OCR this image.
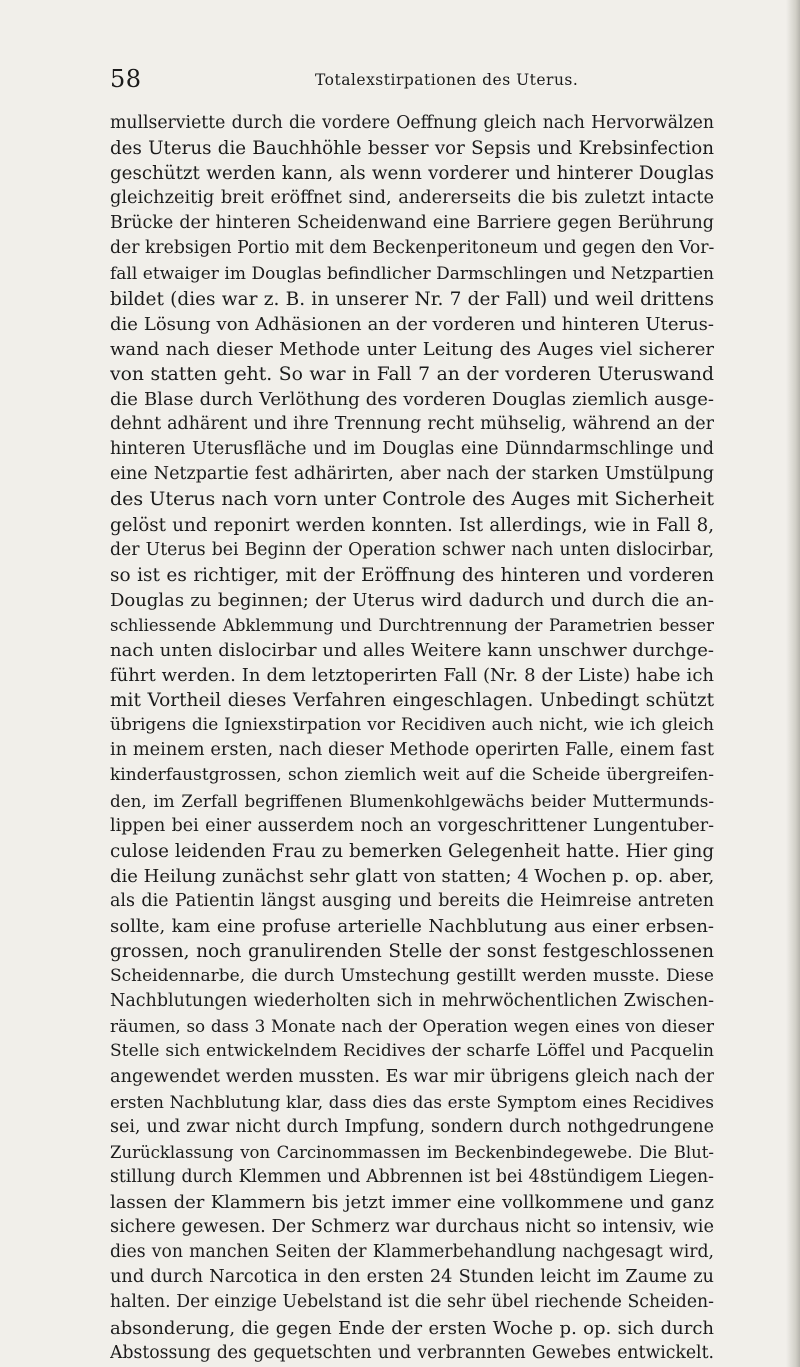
58	Totalexstirpationen des Uterus.
mullserviette durch die vordere Oeffnung gleich nach Hervorwälzen
des Uterus die Bauchhöhle besser vor Sepsis und Krebsinfection
geschützt werden kann, als wenn vorderer und hinterer Douglas
gleichzeitig breit eröffnet sind, andererseits die bis zuletzt intacte
Brücke der hinteren Scheidenwand eine Barriere gegen Berührung
der krebsigen Portio mit dem Beckenperitoneum und gegen den Vor-
fall etwaiger im Douglas befindlicher Darmschlingen und Netzpartien
bildet (dies war z. B. in unserer Nr. 7 der Fall) und weil drittens
die Lösung von Adhäsionen an der vorderen und hinteren Uterus-
wand nach dieser Methode unter Leitung des Auges viel sicherer
von statten geht. So war in Fall 7 an der vorderen Uteruswand
die Blase durch Verlöthung des vorderen Douglas ziemlich ausge-
dehnt adhärent und ihre Trennung recht mühselig, während an der
hinteren Uterusfläche und im Douglas eine Dünndarmschlinge und
eine Netzpartie fest adhärirten, aber nach der starken Umstülpung
des Uterus nach vorn unter Controle des Auges mit Sicherheit
gelöst und reponirt werden konnten. Ist allerdings, wie in Fall 8,
der Uterus bei Beginn der Operation schwer nach unten dislocirbar,
so ist es richtiger, mit der Eröffnung des hinteren und vorderen
Douglas zu beginnen; der Uterus wird dadurch und durch die an-
schliessende Abklemmung und Durchtrennung der Parametrien besser
nach unten dislocirbar und alles Weitere kann unschwer durchge-
führt werden. In dem letztoperirten Fall (Nr. 8 der Liste) habe ich
mit Vortheil dieses Verfahren eingeschlagen. Unbedingt schützt
übrigens die Igniexstirpation vor Recidiven auch nicht, wie ich gleich
in meinem ersten, nach dieser Methode operirten Falle, einem fast
kinderfaustgrossen, schon ziemlich weit auf die Scheide übergreifen-
den, im Zerfall begriffenen Blumenkohlgewächs beider Muttermunds-
lippen bei einer ausserdem noch an vorgeschrittener Lungentuber-
culose leidenden Frau zu bemerken Gelegenheit hatte. Hier ging
die Heilung zunächst sehr glatt von statten; 4 Wochen p. op. aber,
als die Patientin längst ausging und bereits die Heimreise antreten
sollte, kam eine profuse arterielle Nachblutung aus einer erbsen-
grossen, noch granulirenden Stelle der sonst festgeschlossenen
Scheidennarbe, die durch Umstechung gestillt werden musste. Diese
Nachblutungen wiederholten sich in mehrwöchentlichen Zwischen-
räumen, so dass 3 Monate nach der Operation wegen eines von dieser
Stelle sich entwickelndem Recidives der scharfe Löffel und Pacquelin
angewendet werden mussten. Es war mir übrigens gleich nach der
ersten Nachblutung klar, dass dies das erste Symptom eines Recidives
sei, und zwar nicht durch Impfung, sondern durch nothgedrungene
Zurücklassung von Carcinommassen im Beckenbindegewebe. Die Blut-
stillung durch Klemmen und Abbrennen ist bei 48stündigem Liegen-
lassen der Klammern bis jetzt immer eine vollkommene und ganz
sichere gewesen. Der Schmerz war durchaus nicht so intensiv, wie
dies von manchen Seiten der Klammerbehandlung nachgesagt wird,
und durch Narcotica in den ersten 24 Stunden leicht im Zaume zu
halten. Der einzige Uebelstand ist die sehr übel riechende Scheiden-
absonderung, die gegen Ende der ersten Woche p. op. sich durch
Abstossung des gequetschten und verbrannten Gewebes entwickelt.
